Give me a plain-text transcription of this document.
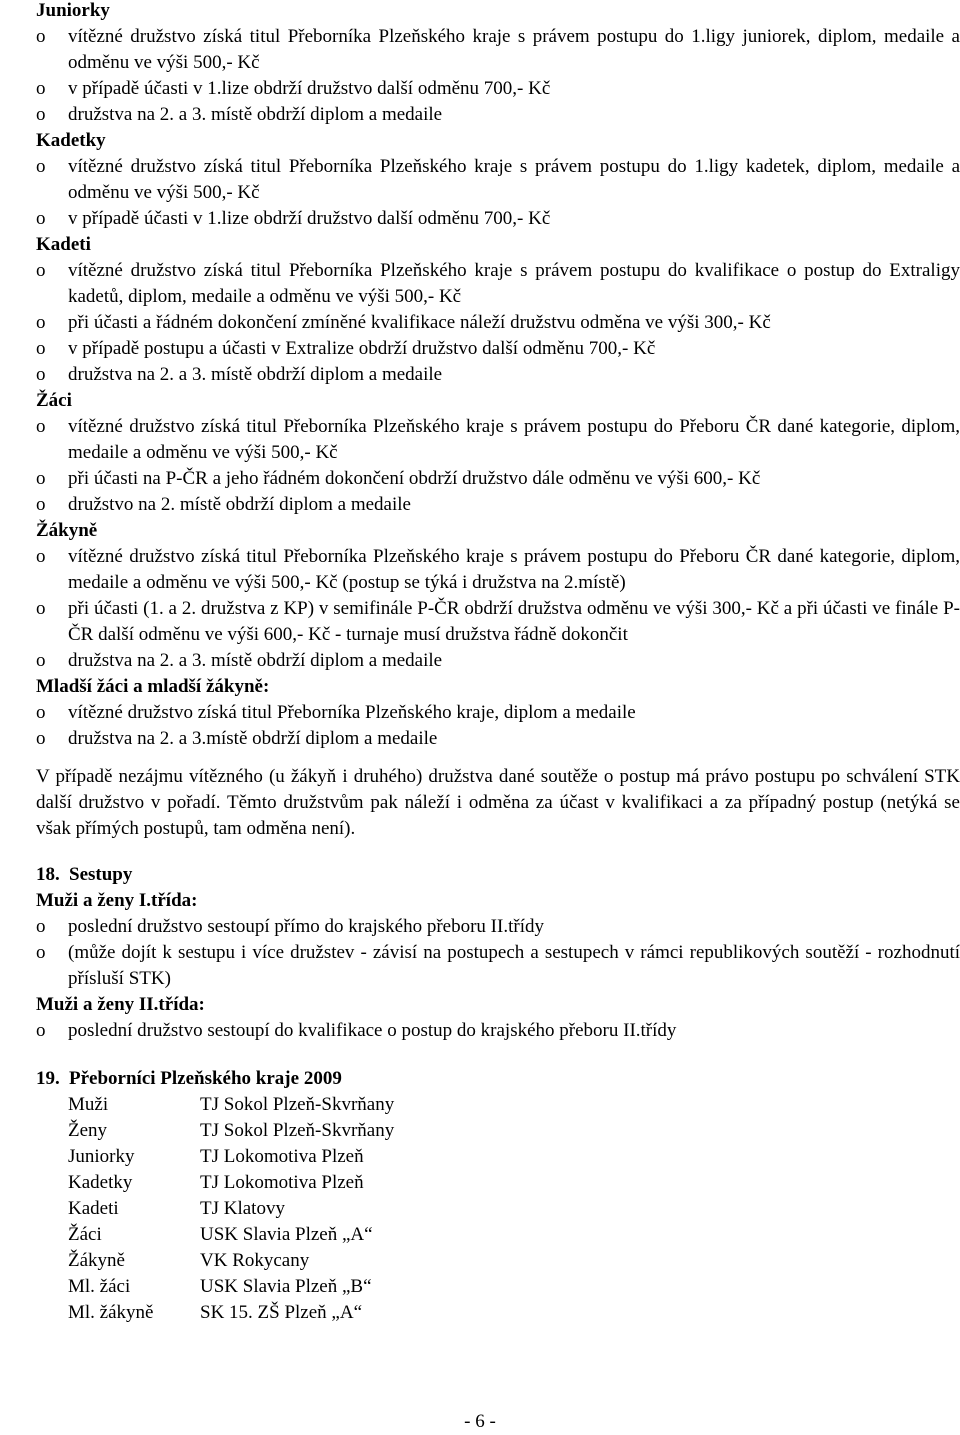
Juniorky
o vítězné družstvo získá titul Přeborníka Plzeňského kraje s právem postupu do 1.ligy juniorek, diplom, medaile a odměnu ve výši 500,- Kč
o v případě účasti v 1.lize obdrží družstvo další odměnu 700,- Kč
o družstva na 2. a 3. místě obdrží diplom a medaile
Kadetky
o vítězné družstvo získá titul Přeborníka Plzeňského kraje s právem postupu do 1.ligy kadetek, diplom, medaile a odměnu ve výši 500,- Kč
o v případě účasti v 1.lize obdrží družstvo další odměnu 700,- Kč
Kadeti
o vítězné družstvo získá titul Přeborníka Plzeňského kraje s právem postupu do kvalifikace o postup do Extraligy kadetů, diplom, medaile a odměnu ve výši 500,- Kč
o při účasti a řádném dokončení zmíněné kvalifikace náleží družstvu odměna ve výši 300,- Kč
o v případě postupu a účasti v Extralize obdrží družstvo další odměnu 700,- Kč
o družstva na 2. a 3. místě obdrží diplom a medaile
Žáci
o vítězné družstvo získá titul Přeborníka Plzeňského kraje s právem postupu do Přeboru ČR dané kategorie, diplom, medaile a odměnu ve výši 500,- Kč
o při účasti na P-ČR a jeho řádném dokončení obdrží družstvo dále odměnu ve výši 600,- Kč
o družstvo na 2. místě obdrží diplom a medaile
Žákyně
o vítězné družstvo získá titul Přeborníka Plzeňského kraje s právem postupu do Přeboru ČR dané kategorie, diplom, medaile a odměnu ve výši 500,- Kč (postup se týká i družstva na 2.místě)
o při účasti (1. a 2. družstva z KP) v semifinále P-ČR obdrží družstva odměnu ve výši 300,- Kč a při účasti ve finále P-ČR další odměnu ve výši 600,- Kč - turnaje musí družstva řádně dokončit
o družstva na 2. a 3. místě obdrží diplom a medaile
Mladší žáci a mladší žákyně:
o vítězné družstvo získá titul Přeborníka Plzeňského kraje, diplom a medaile
o družstva na 2. a 3.místě obdrží diplom a medaile
V případě nezájmu vítězného (u žákyň i druhého) družstva dané soutěže o postup má právo postupu po schválení STK další družstvo v pořadí. Těmto družstvům pak náleží i odměna za účast v kvalifikaci a za případný postup (netýká se však přímých postupů, tam odměna není).
18. Sestupy
Muži a ženy I.třída:
o poslední družstvo sestoupí přímo do krajského přeboru II.třídy
o (může dojít k sestupu i více družstev - závisí na postupech a sestupech v rámci republikových soutěží - rozhodnutí přísluší STK)
Muži a ženy II.třída:
o poslední družstvo sestoupí do kvalifikace o postup do krajského přeboru II.třídy
19. Přeborníci Plzeňského kraje 2009
Muži	TJ Sokol Plzeň-Skvrňany
Ženy	TJ Sokol Plzeň-Skvrňany
Juniorky	TJ Lokomotiva Plzeň
Kadetky	TJ Lokomotiva Plzeň
Kadeti	TJ Klatovy
Žáci	USK Slavia Plzeň „A“
Žákyně	VK Rokycany
Ml. žáci	USK Slavia Plzeň „B“
Ml. žákyně	SK 15. ZŠ Plzeň „A“
- 6 -
